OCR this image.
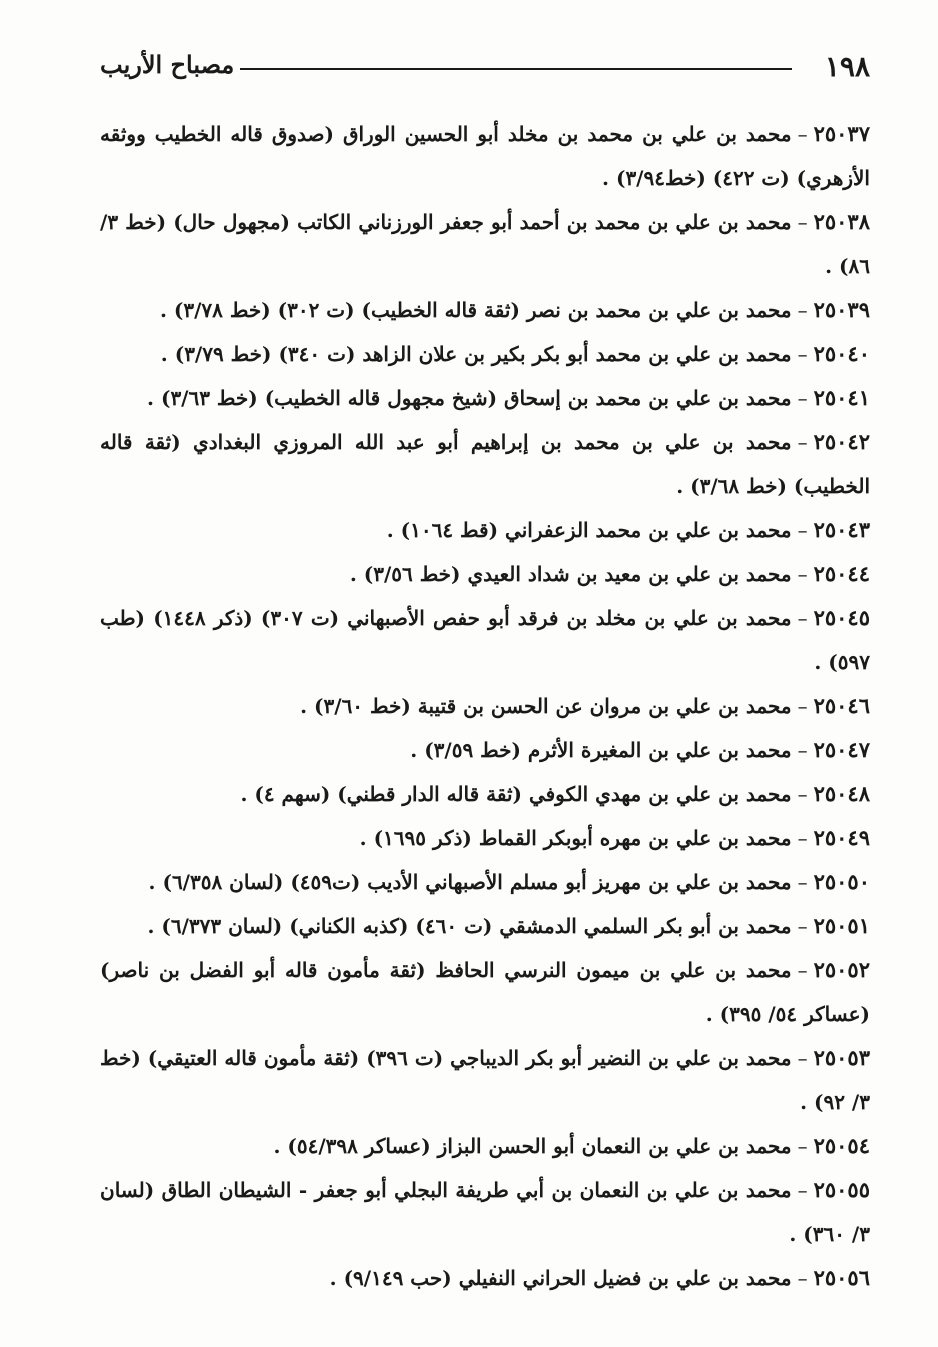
١٩٨
مصباح الأريب

٢٥٠٣٧–محمد بن علي بن محمد بن مخلد أبو الحسين الوراق (صدوق قاله الخطيب ووثقه الأزهري) (ت ٤٢٢) (خط٣/٩٤) .

٢٥٠٣٨–محمد بن علي بن محمد بن أحمد أبو جعفر الورزناني الكاتب (مجهول حال) (خط ٣/ ٨٦) .

٢٥٠٣٩–محمد بن علي بن محمد بن نصر (ثقة قاله الخطيب) (ت ٣٠٢) (خط ٣/٧٨) .

٢٥٠٤٠–محمد بن علي بن محمد أبو بكر بكير بن علان الزاهد (ت ٣٤٠) (خط ٣/٧٩) .

٢٥٠٤١–محمد بن علي بن محمد بن إسحاق (شيخ مجهول قاله الخطيب) (خط ٣/٦٣) .

٢٥٠٤٢–محمد بن علي بن محمد بن إبراهيم أبو عبد الله المروزي البغدادي (ثقة قاله الخطيب) (خط ٣/٦٨) .

٢٥٠٤٣–محمد بن علي بن محمد الزعفراني (قط ١٠٦٤) .

٢٥٠٤٤–محمد بن علي بن معيد بن شداد العيدي (خط ٣/٥٦) .

٢٥٠٤٥–محمد بن علي بن مخلد بن فرقد أبو حفص الأصبهاني (ت ٣٠٧) (ذكر ١٤٤٨) (طب ٥٩٧) .

٢٥٠٤٦–محمد بن علي بن مروان عن الحسن بن قتيبة (خط ٣/٦٠) .

٢٥٠٤٧–محمد بن علي بن المغيرة الأثرم (خط ٣/٥٩) .

٢٥٠٤٨–محمد بن علي بن مهدي الكوفي (ثقة قاله الدار قطني) (سهم ٤) .

٢٥٠٤٩–محمد بن علي بن مهره أبوبكر القماط (ذكر ١٦٩٥) .

٢٥٠٥٠–محمد بن علي بن مهريز أبو مسلم الأصبهاني الأديب (ت٤٥٩) (لسان ٦/٣٥٨) .

٢٥٠٥١–محمد بن أبو بكر السلمي الدمشقي (ت ٤٦٠) (كذبه الكناني) (لسان ٦/٣٧٣) .

٢٥٠٥٢–محمد بن علي بن ميمون النرسي الحافظ (ثقة مأمون قاله أبو الفضل بن ناصر) (عساكر ٥٤/ ٣٩٥) .

٢٥٠٥٣–محمد بن علي بن النضير أبو بكر الديباجي (ت ٣٩٦) (ثقة مأمون قاله العتيقي) (خط ٣/ ٩٢) .

٢٥٠٥٤–محمد بن علي بن النعمان أبو الحسن البزاز (عساكر ٥٤/٣٩٨) .

٢٥٠٥٥–محمد بن علي بن النعمان بن أبي طريفة البجلي أبو جعفر - الشيطان الطاق (لسان ٣/ ٣٦٠) .

٢٥٠٥٦–محمد بن علي بن فضيل الحراني النفيلي (حب ٩/١٤٩) .
